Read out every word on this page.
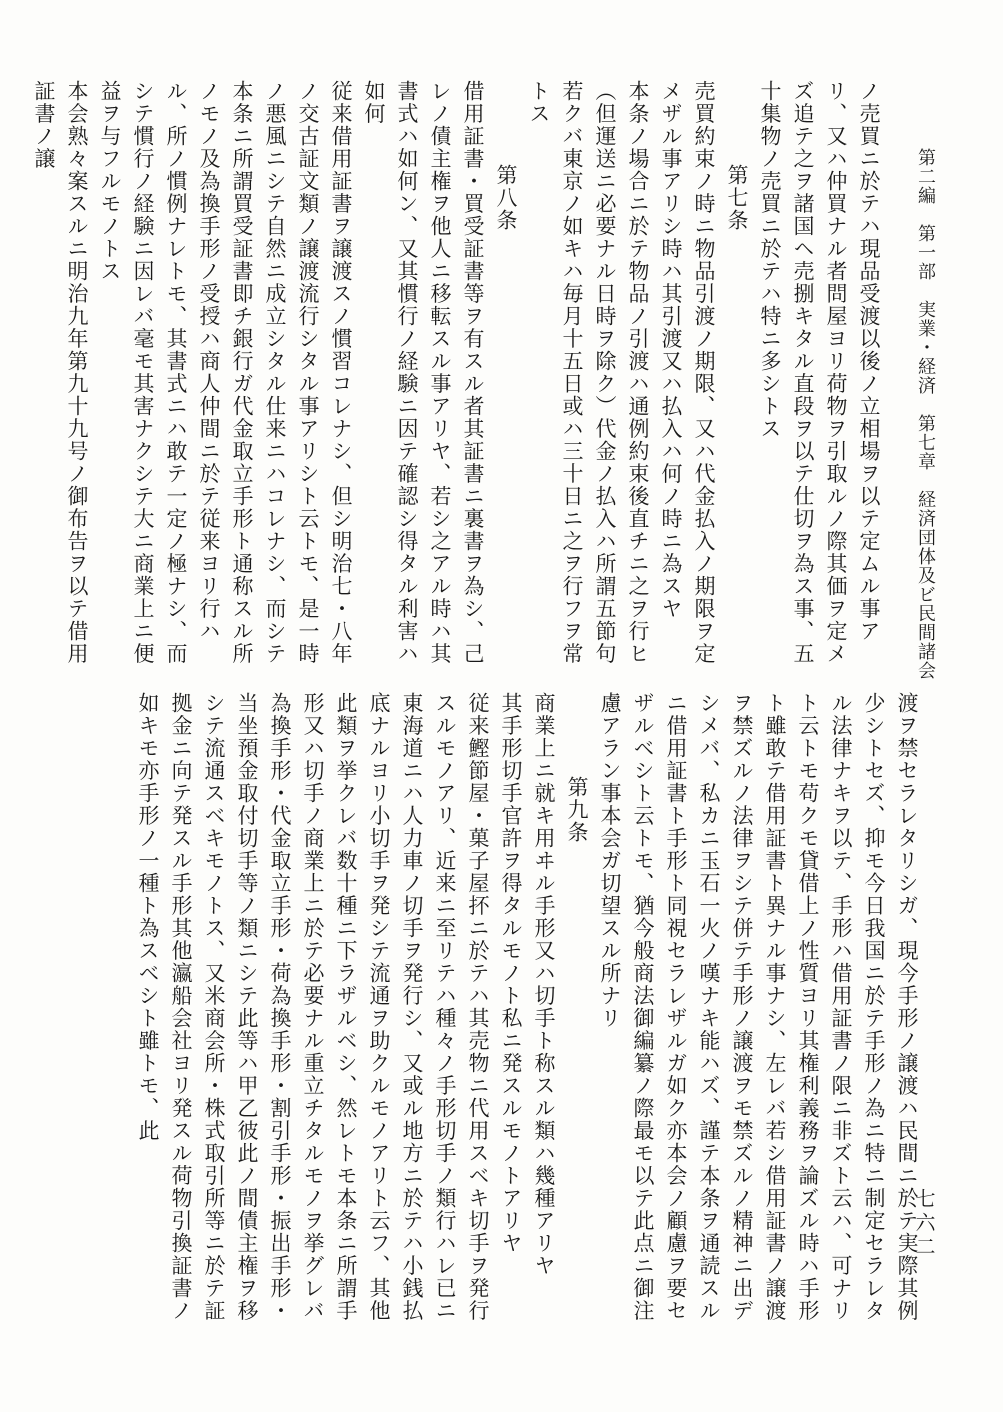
第二編　第一部　実業・経済　第七章　経済団体及ビ民間諸会
ノ売買ニ於テハ現品受渡以後ノ立相場ヲ以テ定ムル事アリ、又ハ仲買ナル者問屋ヨリ荷物ヲ引取ルノ際其価ヲ定メズ追テ之ヲ諸国ヘ売捌キタル直段ヲ以テ仕切ヲ為ス事、五十集物ノ売買ニ於テハ特ニ多シトス
第七条
売買約束ノ時ニ物品引渡ノ期限、又ハ代金払入ノ期限ヲ定メザル事アリシ時ハ其引渡又ハ払入ハ何ノ時ニ為スヤ
本条ノ場合ニ於テ物品ノ引渡ハ通例約束後直チニ之ヲ行ヒ（但運送ニ必要ナル日時ヲ除ク）代金ノ払入ハ所謂五節句若クバ東京ノ如キハ毎月十五日或ハ三十日ニ之ヲ行フヲ常トス
第八条
借用証書・買受証書等ヲ有スル者其証書ニ裏書ヲ為シ、己レノ債主権ヲ他人ニ移転スル事アリヤ、若シ之アル時ハ其書式ハ如何ン、又其慣行ノ経験ニ因テ確認シ得タル利害ハ如何
従来借用証書ヲ譲渡スノ慣習コレナシ、但シ明治七・八年ノ交古証文類ノ譲渡流行シタル事アリシト云トモ、是一時ノ悪風ニシテ自然ニ成立シタル仕来ニハコレナシ、而シテ本条ニ所謂買受証書即チ銀行ガ代金取立手形ト通称スル所ノモノ及為換手形ノ受授ハ商人仲間ニ於テ従来ヨリ行ハル、所ノ慣例ナレトモ、其書式ニハ敢テ一定ノ極ナシ、而シテ慣行ノ経験ニ因レバ毫モ其害ナクシテ大ニ商業上ニ便益ヲ与フルモノトス
本会熟々案スルニ明治九年第九十九号ノ御布告ヲ以テ借用証書ノ譲
渡ヲ禁セラレタリシガ、現今手形ノ譲渡ハ民間ニ於テ実際其例少シトセズ、抑モ今日我国ニ於テ手形ノ為ニ特ニ制定セラレタル法律ナキヲ以テ、手形ハ借用証書ノ限ニ非ズト云ハ、可ナリト云トモ苟クモ貸借上ノ性質ヨリ其権利義務ヲ論ズル時ハ手形ト雖敢テ借用証書ト異ナル事ナシ、左レバ若シ借用証書ノ譲渡ヲ禁ズルノ法律ヲシテ併テ手形ノ譲渡ヲモ禁ズルノ精神ニ出デシメバ、私カニ玉石一火ノ嘆ナキ能ハズ、謹テ本条ヲ通読スルニ借用証書ト手形ト同視セラレザルガ如ク亦本会ノ顧慮ヲ要セザルベシト云トモ、猶今般商法御編纂ノ際最モ以テ此点ニ御注慮アラン事本会ガ切望スル所ナリ
第九条
商業上ニ就キ用ヰル手形又ハ切手ト称スル類ハ幾種アリヤ
其手形切手官許ヲ得タルモノト私ニ発スルモノトアリヤ
従来鰹節屋・菓子屋抔ニ於テハ其売物ニ代用スベキ切手ヲ発行スルモノアリ、近来ニ至リテハ種々ノ手形切手ノ類行ハレ已ニ東海道ニハ人力車ノ切手ヲ発行シ、又或ル地方ニ於テハ小銭払底ナルヨリ小切手ヲ発シテ流通ヲ助クルモノアリト云フ、其他此類ヲ挙クレバ数十種ニ下ラザルベシ、然レトモ本条ニ所謂手形又ハ切手ノ商業上ニ於テ必要ナル重立チタルモノヲ挙グレバ為換手形・代金取立手形・荷為換手形・割引手形・振出手形・当坐預金取付切手等ノ類ニシテ此等ハ甲乙彼此ノ間債主権ヲ移シテ流通スベキモノトス、又米商会所・株式取引所等ニ於テ証拠金ニ向テ発スル手形其他瀛船会社ヨリ発スル荷物引換証書ノ如キモ亦手形ノ一種ト為スベシト雖トモ、此
七六二
